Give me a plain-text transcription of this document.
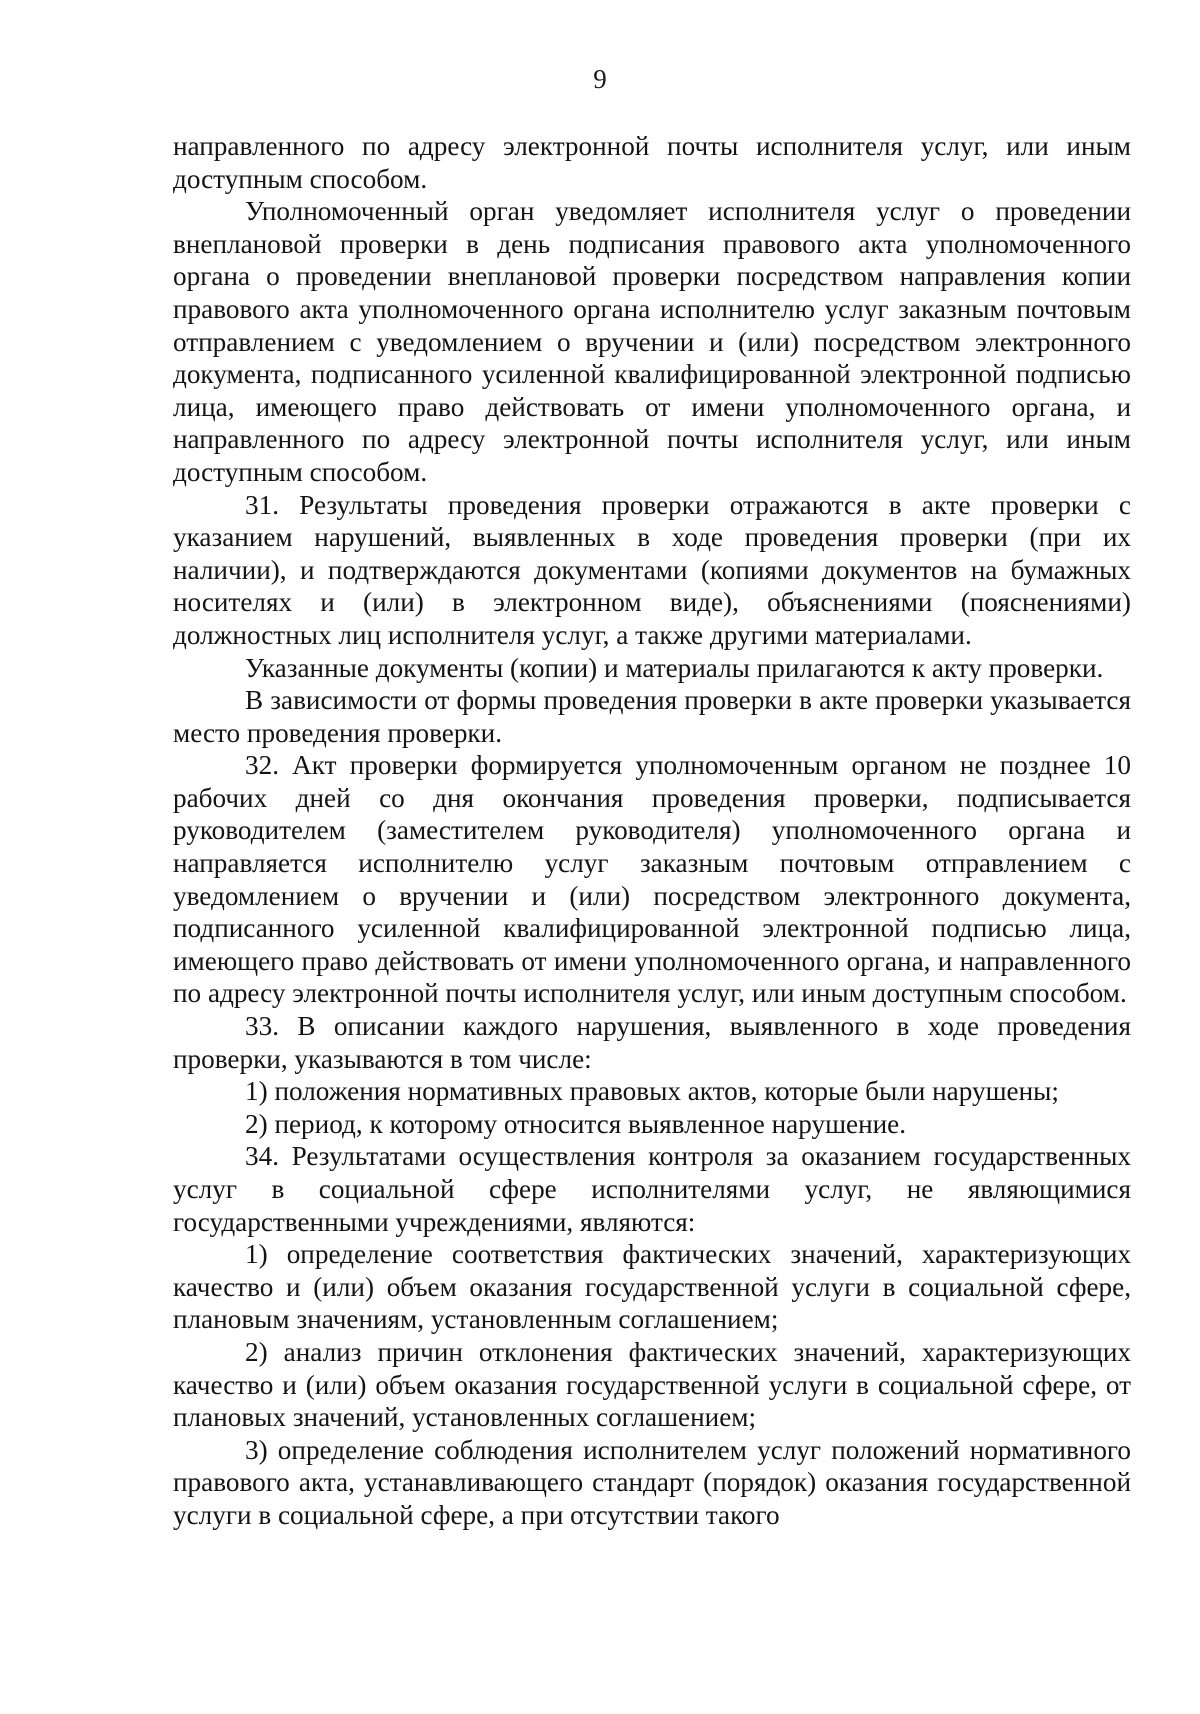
9

направленного по адресу электронной почты исполнителя услуг, или иным доступным способом.

Уполномоченный орган уведомляет исполнителя услуг о проведении внеплановой проверки в день подписания правового акта уполномоченного органа о проведении внеплановой проверки посредством направления копии правового акта уполномоченного органа исполнителю услуг заказным почтовым отправлением с уведомлением о вручении и (или) посредством электронного документа, подписанного усиленной квалифицированной электронной подписью лица, имеющего право действовать от имени уполномоченного органа, и направленного по адресу электронной почты исполнителя услуг, или иным доступным способом.

31. Результаты проведения проверки отражаются в акте проверки с указанием нарушений, выявленных в ходе проведения проверки (при их наличии), и подтверждаются документами (копиями документов на бумажных носителях и (или) в электронном виде), объяснениями (пояснениями) должностных лиц исполнителя услуг, а также другими материалами.

Указанные документы (копии) и материалы прилагаются к акту проверки.

В зависимости от формы проведения проверки в акте проверки указывается место проведения проверки.

32. Акт проверки формируется уполномоченным органом не позднее 10 рабочих дней со дня окончания проведения проверки, подписывается руководителем (заместителем руководителя) уполномоченного органа и направляется исполнителю услуг заказным почтовым отправлением с уведомлением о вручении и (или) посредством электронного документа, подписанного усиленной квалифицированной электронной подписью лица, имеющего право действовать от имени уполномоченного органа, и направленного по адресу электронной почты исполнителя услуг, или иным доступным способом.

33. В описании каждого нарушения, выявленного в ходе проведения проверки, указываются в том числе:

1) положения нормативных правовых актов, которые были нарушены;

2) период, к которому относится выявленное нарушение.

34. Результатами осуществления контроля за оказанием государственных услуг в социальной сфере исполнителями услуг, не являющимися государственными учреждениями, являются:

1) определение соответствия фактических значений, характеризующих качество и (или) объем оказания государственной услуги в социальной сфере, плановым значениям, установленным соглашением;

2) анализ причин отклонения фактических значений, характеризующих качество и (или) объем оказания государственной услуги в социальной сфере, от плановых значений, установленных соглашением;

3) определение соблюдения исполнителем услуг положений нормативного правового акта, устанавливающего стандарт (порядок) оказания государственной услуги в социальной сфере, а при отсутствии такого
